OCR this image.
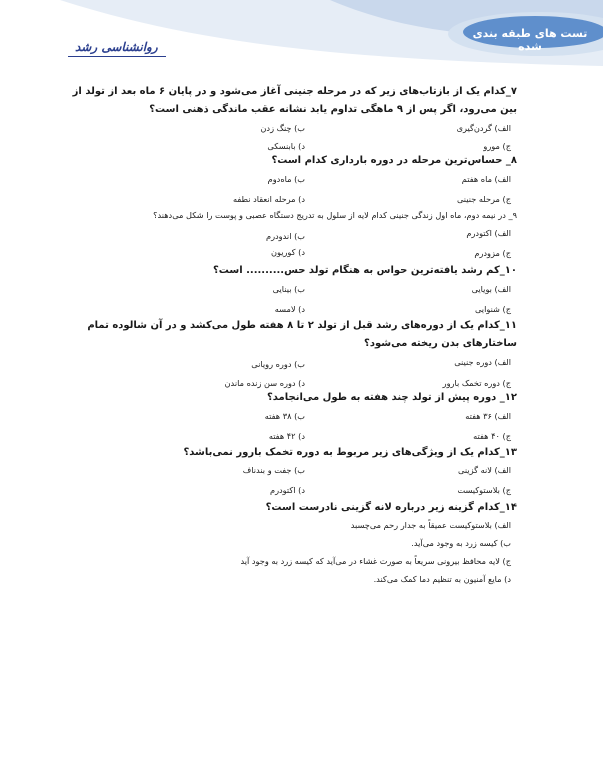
تست های طبقه بندی شده
روانشناسی رشد
۷_کدام یک از بازتاب‌های زیر که در مرحله جنینی آغاز می‌شود و در پایان ۶ ماه بعد از تولد از
بین می‌رود، اگر پس از ۹ ماهگی تداوم یابد نشانه عقب ماندگی ذهنی است؟
الف) گردن‌گیری
ب) چنگ زدن
ج) مورو
د) بابنسکی
۸_ حساس‌ترین مرحله در دوره بارداری کدام است؟
الف) ماه هفتم
ب) ماه‌دوم
ج) مرحله جنینی
د) مرحله انعقاد نطفه
۹_ در نیمه دوم، ماه اول زندگی جنینی کدام لایه از سلول به تدریج دستگاه عصبی و پوست را شکل می‌دهند؟
الف) اکتودرم
ب) اندودرم
ج) مزودرم
د) کوریون
۱۰_کم رشد یافته‌ترین حواس به هنگام تولد حس.......... است؟
الف) بویایی
ب) بینایی
ج) شنوایی
د) لامسه
۱۱_کدام یک از دوره‌های رشد قبل از تولد ۲ تا ۸ هفته طول می‌کشد و در آن شالوده تمام
ساختارهای بدن ریخته می‌شود؟
الف) دوره جنینی
ب) دوره رویانی
ج) دوره تخمک بارور
د) دوره سن زنده ماندن
۱۲_ دوره پیش از تولد چند هفته به طول می‌انجامد؟
الف) ۳۶ هفته
ب) ۳۸ هفته
ج) ۴۰ هفته
د) ۴۲ هفته
۱۳_کدام یک از ویژگی‌های زیر مربوط به دوره تخمک بارور نمی‌باشد؟
الف) لانه گزینی
ب) جفت و بندناف
ج) بلاستوکیست
د) اکتودرم
۱۴_کدام گزینه زیر درباره لانه گزینی نادرست است؟
الف) بلاستوکیست عمیقاً به جدار رحم می‌چسبد
ب) کیسه زرد به وجود می‌آید.
ج) لایه محافظ بیرونی سریعاً به صورت غشاء در می‌آید که کیسه زرد به وجود آید
د) مایع آمنیون به تنظیم دما کمک می‌کند.
